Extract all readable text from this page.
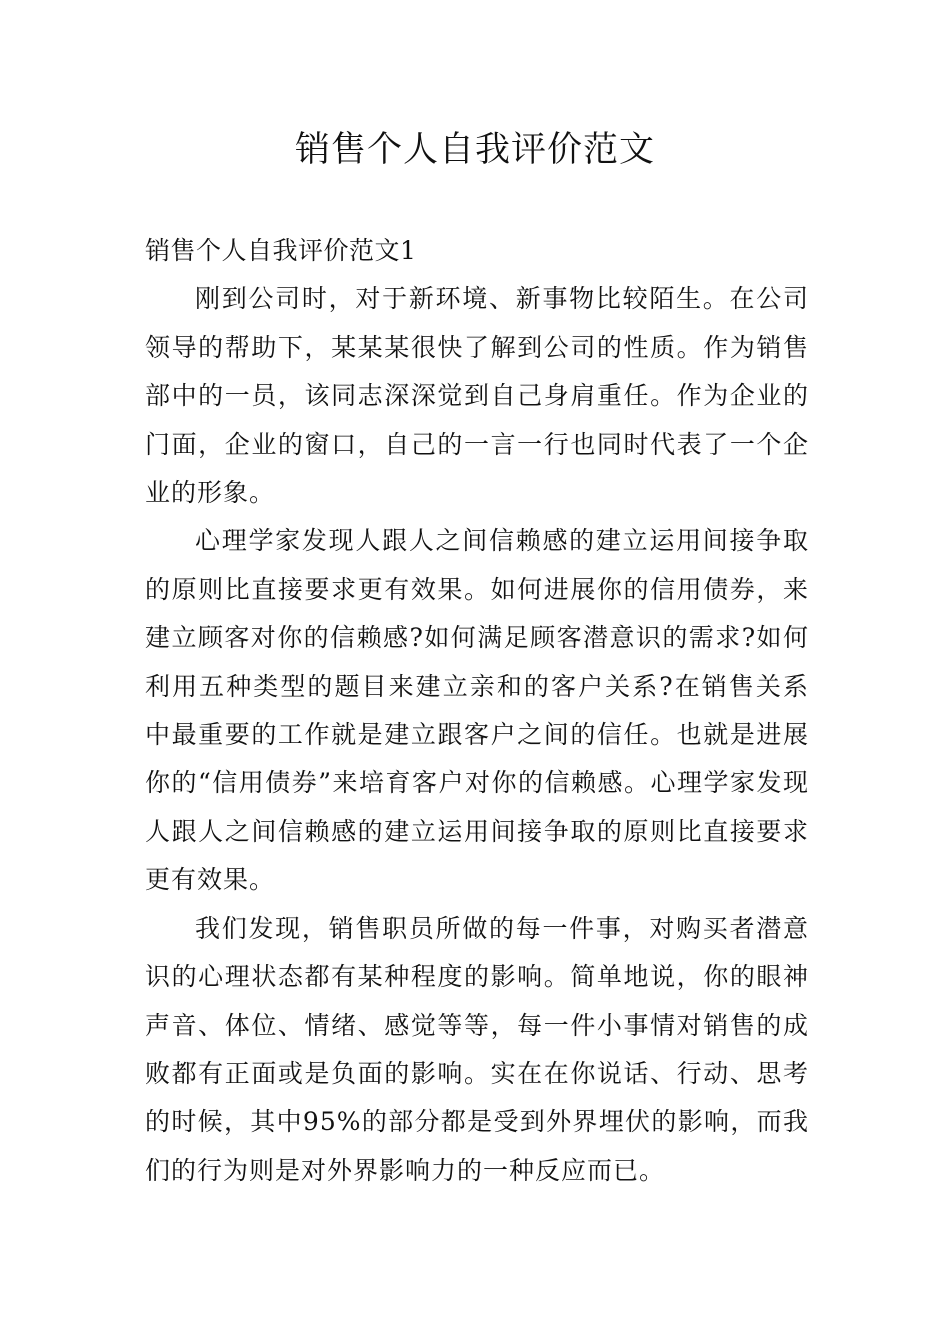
销售个人自我评价范文
销售个人自我评价范文1

刚到公司时，对于新环境、新事物比较陌生。在公司领导的帮助下，某某某很快了解到公司的性质。作为销售部中的一员，该同志深深觉到自己身肩重任。作为企业的门面，企业的窗口，自己的一言一行也同时代表了一个企业的形象。

心理学家发现人跟人之间信赖感的建立运用间接争取的原则比直接要求更有效果。如何进展你的信用债券，来建立顾客对你的信赖感?如何满足顾客潜意识的需求?如何利用五种类型的题目来建立亲和的客户关系?在销售关系中最重要的工作就是建立跟客户之间的信任。也就是进展你的“信用债券”来培育客户对你的信赖感。心理学家发现人跟人之间信赖感的建立运用间接争取的原则比直接要求更有效果。

我们发现，销售职员所做的每一件事，对购买者潜意识的心理状态都有某种程度的影响。简单地说，你的眼神声音、体位、情绪、感觉等等，每一件小事情对销售的成败都有正面或是负面的影响。实在在你说话、行动、思考的时候，其中95%的部分都是受到外界埋伏的影响，而我们的行为则是对外界影响力的一种反应而已。
